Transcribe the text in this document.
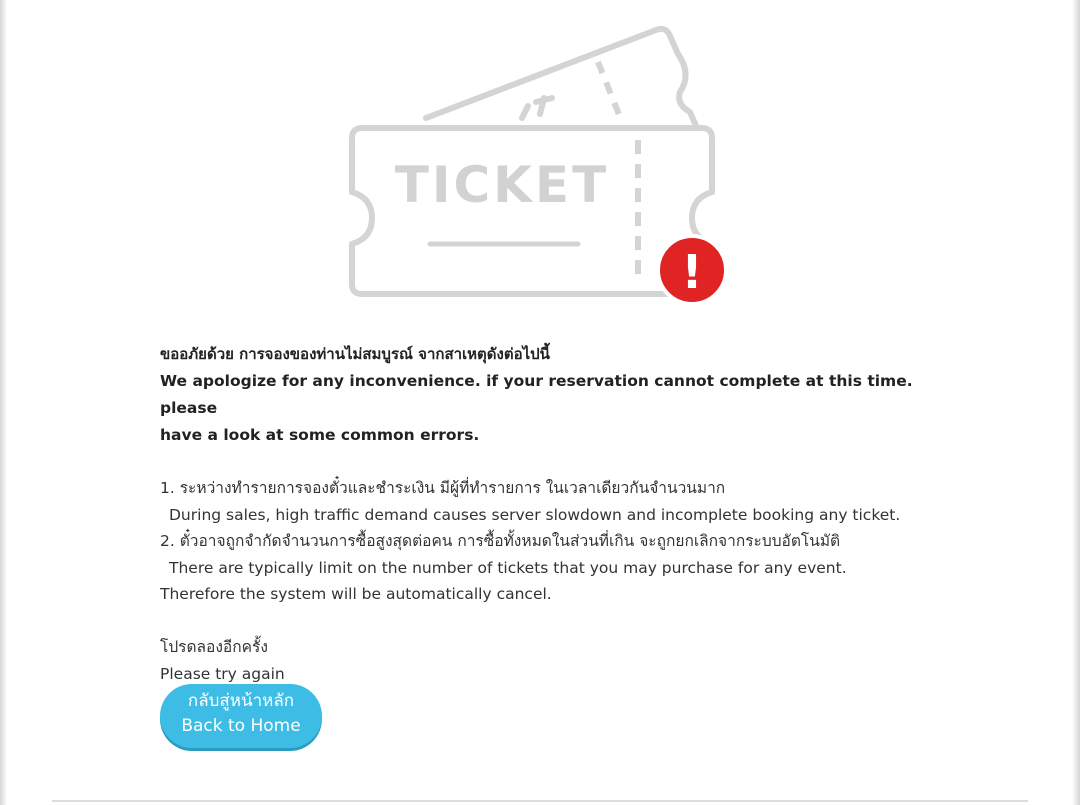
TICKET
!
ขออภัยด้วย การจองของท่านไม่สมบูรณ์ จากสาเหตุดังต่อไปนี้
We apologize for any inconvenience. if your reservation cannot complete at this time. please
have a look at some common errors.
1. ระหว่างทำรายการจองตั๋วและชำระเงิน มีผู้ที่ทำรายการ ในเวลาเดียวกันจำนวนมาก
During sales, high traffic demand causes server slowdown and incomplete booking any ticket.
2. ตั๋วอาจถูกจำกัดจำนวนการซื้อสูงสุดต่อคน การซื้อทั้งหมดในส่วนที่เกิน จะถูกยกเลิกจากระบบอัตโนมัติ
There are typically limit on the number of tickets that you may purchase for any event.
Therefore the system will be automatically cancel.
โปรดลองอีกครั้ง
Please try again
กลับสู่หน้าหลัก
Back to Home
